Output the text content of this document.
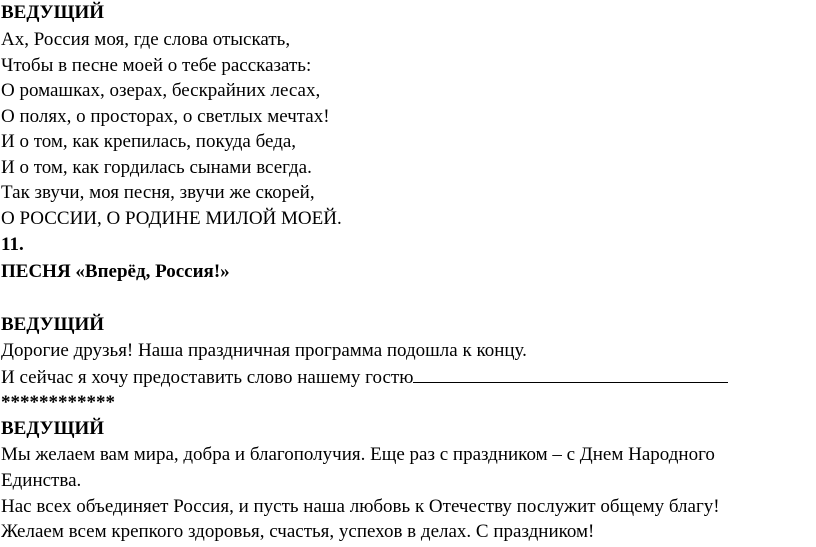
ВЕДУЩИЙ
Ах, Россия моя, где слова отыскать,
Чтобы в песне моей о тебе рассказать:
О ромашках, озерах, бескрайних лесах,
О полях, о просторах, о светлых мечтах!
И о том, как крепилась, покуда беда,
И о том, как гордилась сынами всегда.
Так звучи, моя песня, звучи же скорей,
О РОССИИ, О РОДИНЕ МИЛОЙ МОЕЙ.
11.
ПЕСНЯ «Вперёд, Россия!»
ВЕДУЩИЙ
Дорогие друзья! Наша праздничная программа подошла к концу.
И сейчас я хочу предоставить слово нашему гостю
************
ВЕДУЩИЙ
Мы желаем вам мира, добра и благополучия. Еще раз с праздником – с Днем Народного
Единства.
Нас всех объединяет Россия, и пусть наша любовь к Отечеству послужит общему благу!
Желаем всем крепкого здоровья, счастья, успехов в делах. С праздником!
